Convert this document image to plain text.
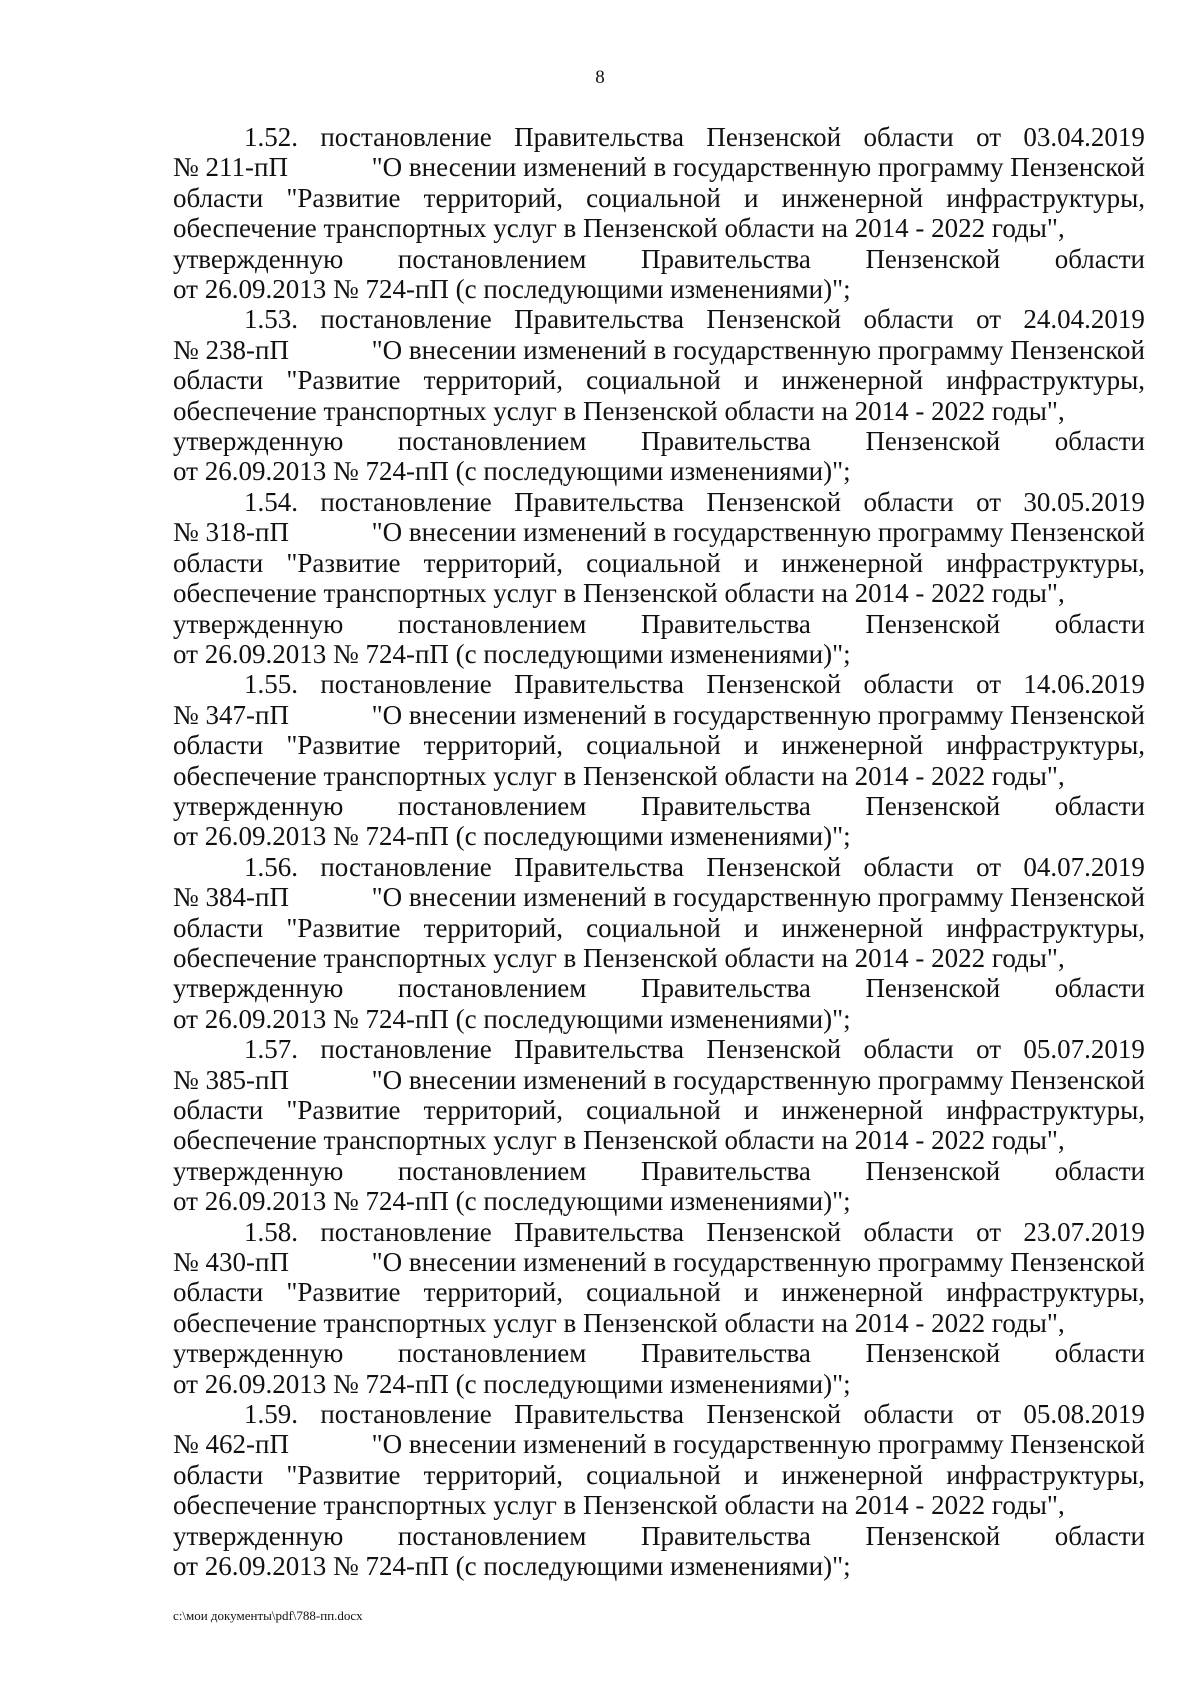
8
1.52. постановление Правительства Пензенской области от 03.04.2019
№ 211-пП	"О внесении изменений в государственную программу Пензенской
области "Развитие территорий, социальной и инженерной инфраструктуры,
обеспечение транспортных услуг в Пензенской области на 2014 - 2022 годы",
утвержденную постановлением Правительства Пензенской области
от 26.09.2013 № 724-пП (с последующими изменениями)";
1.53. постановление Правительства Пензенской области от 24.04.2019
№ 238-пП	"О внесении изменений в государственную программу Пензенской
области "Развитие территорий, социальной и инженерной инфраструктуры,
обеспечение транспортных услуг в Пензенской области на 2014 - 2022 годы",
утвержденную постановлением Правительства Пензенской области
от 26.09.2013 № 724-пП (с последующими изменениями)";
1.54. постановление Правительства Пензенской области от 30.05.2019
№ 318-пП	"О внесении изменений в государственную программу Пензенской
области "Развитие территорий, социальной и инженерной инфраструктуры,
обеспечение транспортных услуг в Пензенской области на 2014 - 2022 годы",
утвержденную постановлением Правительства Пензенской области
от 26.09.2013 № 724-пП (с последующими изменениями)";
1.55. постановление Правительства Пензенской области от 14.06.2019
№ 347-пП	"О внесении изменений в государственную программу Пензенской
области "Развитие территорий, социальной и инженерной инфраструктуры,
обеспечение транспортных услуг в Пензенской области на 2014 - 2022 годы",
утвержденную постановлением Правительства Пензенской области
от 26.09.2013 № 724-пП (с последующими изменениями)";
1.56. постановление Правительства Пензенской области от 04.07.2019
№ 384-пП	"О внесении изменений в государственную программу Пензенской
области "Развитие территорий, социальной и инженерной инфраструктуры,
обеспечение транспортных услуг в Пензенской области на 2014 - 2022 годы",
утвержденную постановлением Правительства Пензенской области
от 26.09.2013 № 724-пП (с последующими изменениями)";
1.57. постановление Правительства Пензенской области от 05.07.2019
№ 385-пП	"О внесении изменений в государственную программу Пензенской
области "Развитие территорий, социальной и инженерной инфраструктуры,
обеспечение транспортных услуг в Пензенской области на 2014 - 2022 годы",
утвержденную постановлением Правительства Пензенской области
от 26.09.2013 № 724-пП (с последующими изменениями)";
1.58. постановление Правительства Пензенской области от 23.07.2019
№ 430-пП	"О внесении изменений в государственную программу Пензенской
области "Развитие территорий, социальной и инженерной инфраструктуры,
обеспечение транспортных услуг в Пензенской области на 2014 - 2022 годы",
утвержденную постановлением Правительства Пензенской области
от 26.09.2013 № 724-пП (с последующими изменениями)";
1.59. постановление Правительства Пензенской области от 05.08.2019
№ 462-пП	"О внесении изменений в государственную программу Пензенской
области "Развитие территорий, социальной и инженерной инфраструктуры,
обеспечение транспортных услуг в Пензенской области на 2014 - 2022 годы",
утвержденную постановлением Правительства Пензенской области
от 26.09.2013 № 724-пП (с последующими изменениями)";
c:\мои документы\pdf\788-пп.docx
